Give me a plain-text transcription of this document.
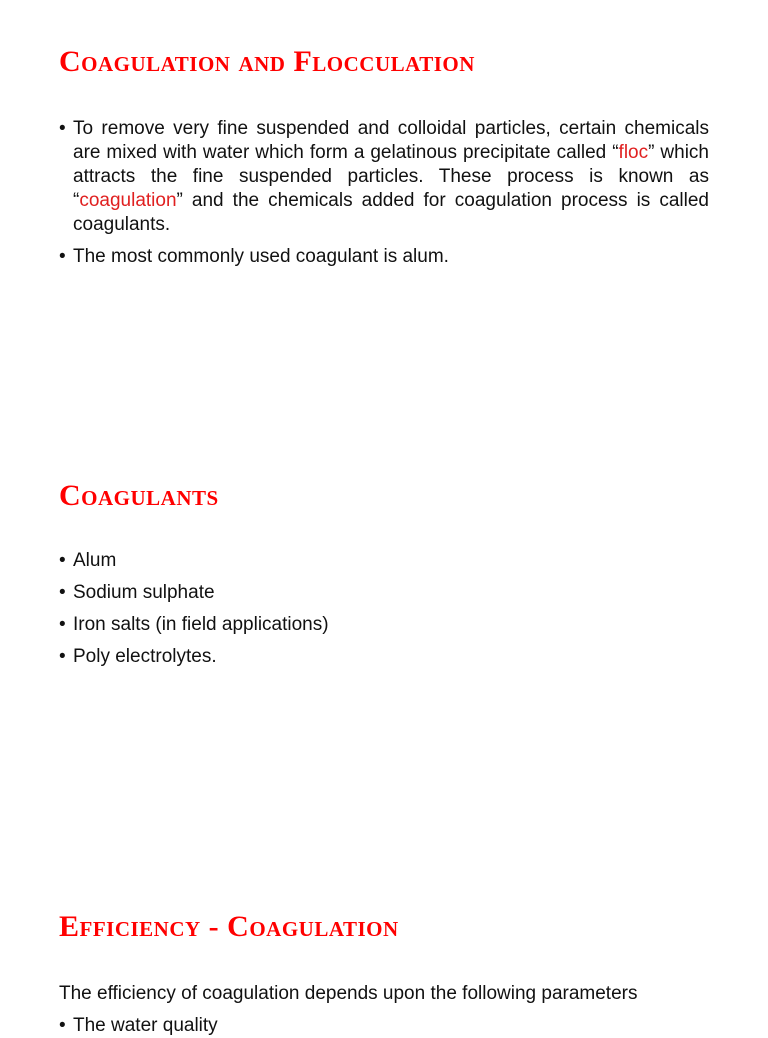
Coagulation and Flocculation
• To remove very fine suspended and colloidal particles, certain chemicals are mixed with water which form a gelatinous precipitate called “floc” which attracts the fine suspended particles. These process is known as “coagulation” and the chemicals added for coagulation process is called coagulants.
• The most commonly used coagulant is alum.
Coagulants
• Alum
• Sodium sulphate
• Iron salts (in field applications)
• Poly electrolytes.
Efficiency - Coagulation

The efficiency of coagulation depends upon the following parameters

• The water quality
